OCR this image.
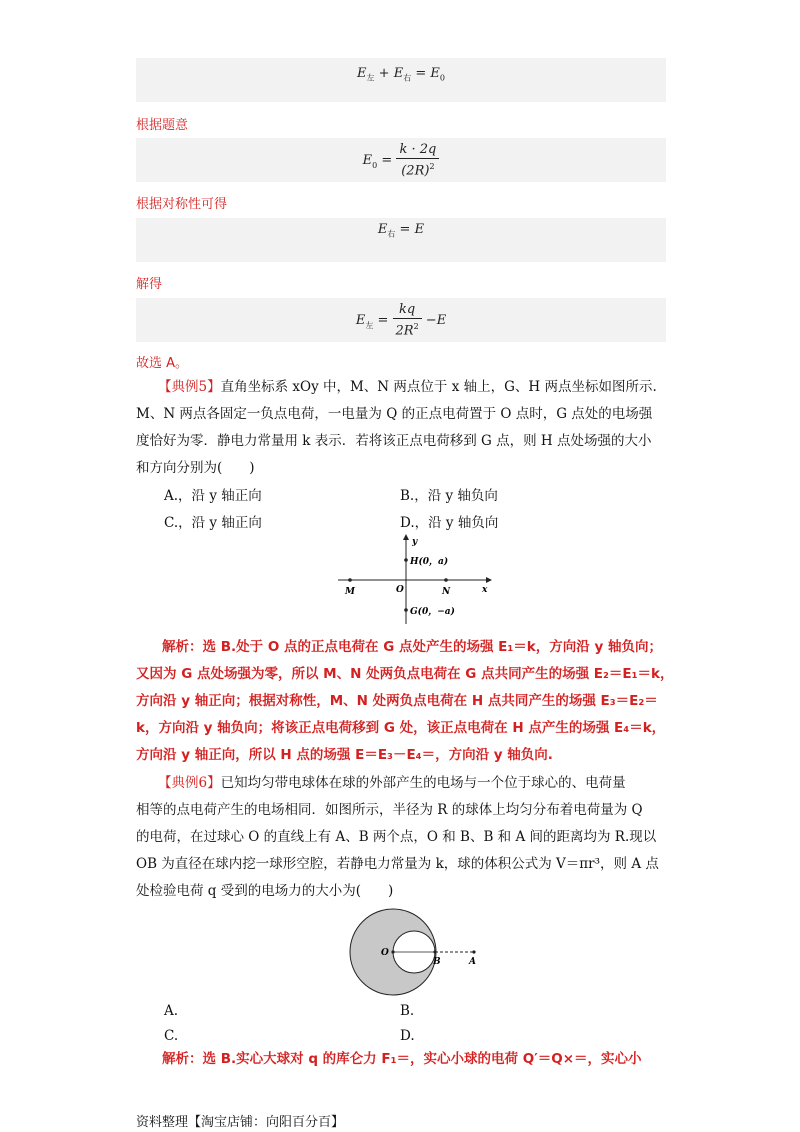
$E_左 + E_右 = E_0$
根据题意
$E_0 = \frac{k \cdot 2q}{(2R)^2}$
根据对称性可得
$E_右 = E$
解得
$E_左 = \frac{kq}{2R^2} -E$
故选 A。
【典例5】直角坐标系 xOy 中，M、N 两点位于 x 轴上，G、H 两点坐标如图所示.
M、N 两点各固定一负点电荷，一电量为 Q 的正点电荷置于 O 点时，G 点处的电场强
度恰好为零．静电力常量用 k 表示．若将该正点电荷移到 G 点，则 H 点处场强的大小
和方向分别为(　　)
A.，沿 y 轴正向	B.，沿 y 轴负向
C.，沿 y 轴正向	D.，沿 y 轴负向
y
x
H(0，a)
O
M	N
G(0，−a)
解析：选 B.处于 O 点的正点电荷在 G 点处产生的场强 E₁＝k，方向沿 y 轴负向；
又因为 G 点处场强为零，所以 M、N 处两负点电荷在 G 点共同产生的场强 E₂＝E₁＝k，
方向沿 y 轴正向；根据对称性，M、N 处两负点电荷在 H 点共同产生的场强 E₃＝E₂＝
k，方向沿 y 轴负向；将该正点电荷移到 G 处，该正点电荷在 H 点产生的场强 E₄＝k，
方向沿 y 轴正向，所以 H 点的场强 E＝E₃－E₄＝，方向沿 y 轴负向.
【典例6】已知均匀带电球体在球的外部产生的电场与一个位于球心的、电荷量
相等的点电荷产生的电场相同．如图所示，半径为 R 的球体上均匀分布着电荷量为 Q
的电荷，在过球心 O 的直线上有 A、B 两个点，O 和 B、B 和 A 间的距离均为 R.现以
OB 为直径在球内挖一球形空腔，若静电力常量为 k，球的体积公式为 V＝πr³，则 A 点
处检验电荷 q 受到的电场力的大小为(　　)
O
B	A
A.	B.
C.	D.
解析：选 B.实心大球对 q 的库仑力 F₁＝，实心小球的电荷 Q′＝Q×＝，实心小
资料整理【淘宝店铺：向阳百分百】
